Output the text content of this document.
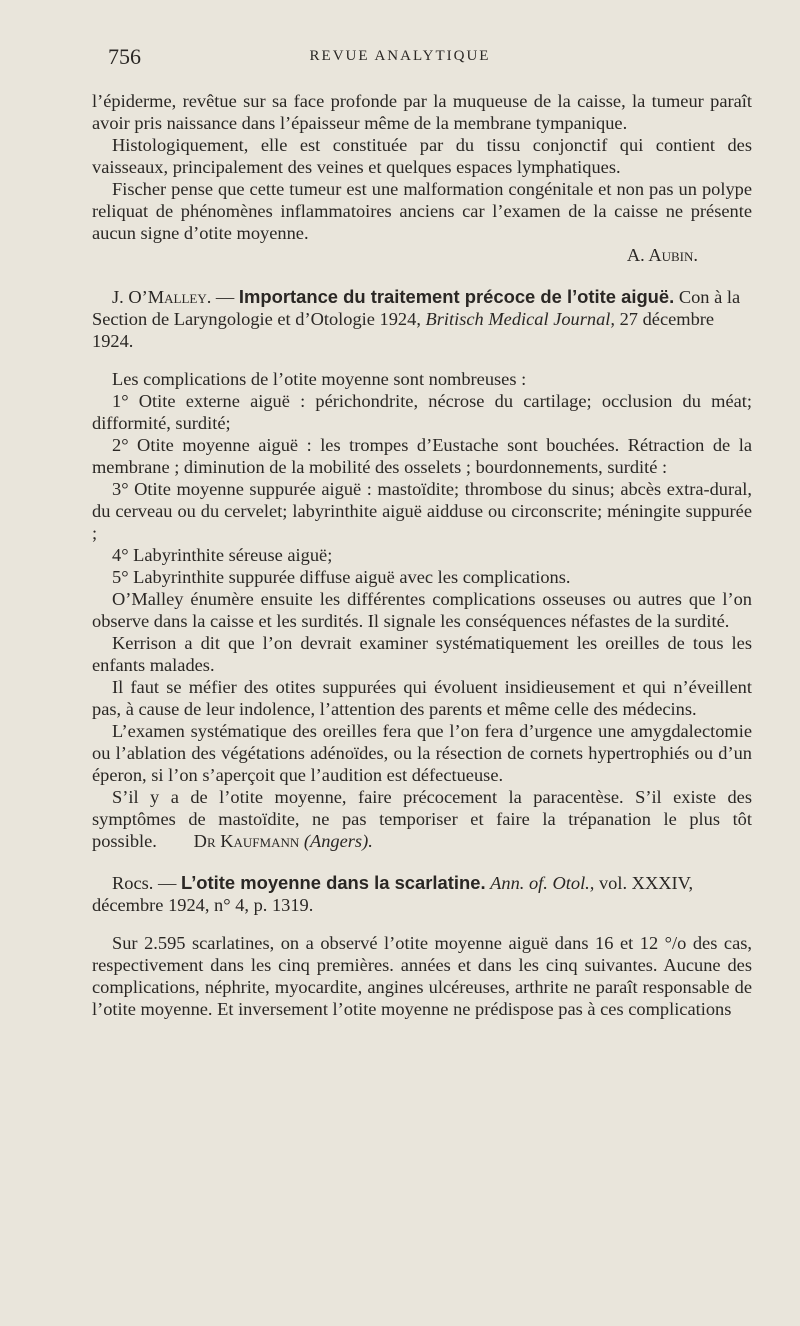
756	REVUE ANALYTIQUE

l’épiderme, revêtue sur sa face profonde par la muqueuse de la caisse, la tumeur paraît avoir pris naissance dans l’épaisseur même de la membrane tympanique.

Histologiquement, elle est constituée par du tissu conjonctif qui contient des vaisseaux, principalement des veines et quelques espaces lymphatiques.

Fischer pense que cette tumeur est une malformation congénitale et non pas un polype reliquat de phénomènes inflammatoires anciens car l’examen de la caisse ne présente aucun signe d’otite moyenne.

A. Aubin.

J. O’Malley. — Importance du traitement précoce de l’otite aiguë. Con à la Section de Laryngologie et d’Otologie 1924, Britisch Medical Journal, 27 décembre 1924.

Les complications de l’otite moyenne sont nombreuses :

1° Otite externe aiguë : périchondrite, nécrose du cartilage; occlusion du méat; difformité, surdité;

2° Otite moyenne aiguë : les trompes d’Eustache sont bouchées. Rétraction de la membrane ; diminution de la mobilité des osselets ; bourdonnements, surdité :

3° Otite moyenne suppurée aiguë : mastoïdite; thrombose du sinus; abcès extra-dural, du cerveau ou du cervelet; labyrinthite aiguë aidduse ou circonscrite; méningite suppurée ;

4° Labyrinthite séreuse aiguë;

5° Labyrinthite suppurée diffuse aiguë avec les complications.

O’Malley énumère ensuite les différentes complications osseuses ou autres que l’on observe dans la caisse et les surdités. Il signale les conséquences néfastes de la surdité.

Kerrison a dit que l’on devrait examiner systématiquement les oreilles de tous les enfants malades.

Il faut se méfier des otites suppurées qui évoluent insidieusement et qui n’éveillent pas, à cause de leur indolence, l’attention des parents et même celle des médecins.

L’examen systématique des oreilles fera que l’on fera d’urgence une amygdalectomie ou l’ablation des végétations adénoïdes, ou la résection de cornets hypertrophiés ou d’un éperon, si l’on s’aperçoit que l’audition est défectueuse.

S’il y a de l’otite moyenne, faire précocement la paracentèse. S’il existe des symptômes de mastoïdite, ne pas temporiser et faire la trépanation le plus tôt possible. Dr Kaufmann (Angers).

Rocs. — L’otite moyenne dans la scarlatine. Ann. of. Otol., vol. XXXIV, décembre 1924, n° 4, p. 1319.

Sur 2.595 scarlatines, on a observé l’otite moyenne aiguë dans 16 et 12 °/o des cas, respectivement dans les cinq premières. années et dans les cinq suivantes. Aucune des complications, néphrite, myocardite, angines ulcéreuses, arthrite ne paraît responsable de l’otite moyenne. Et inversement l’otite moyenne ne prédispose pas à ces complications
